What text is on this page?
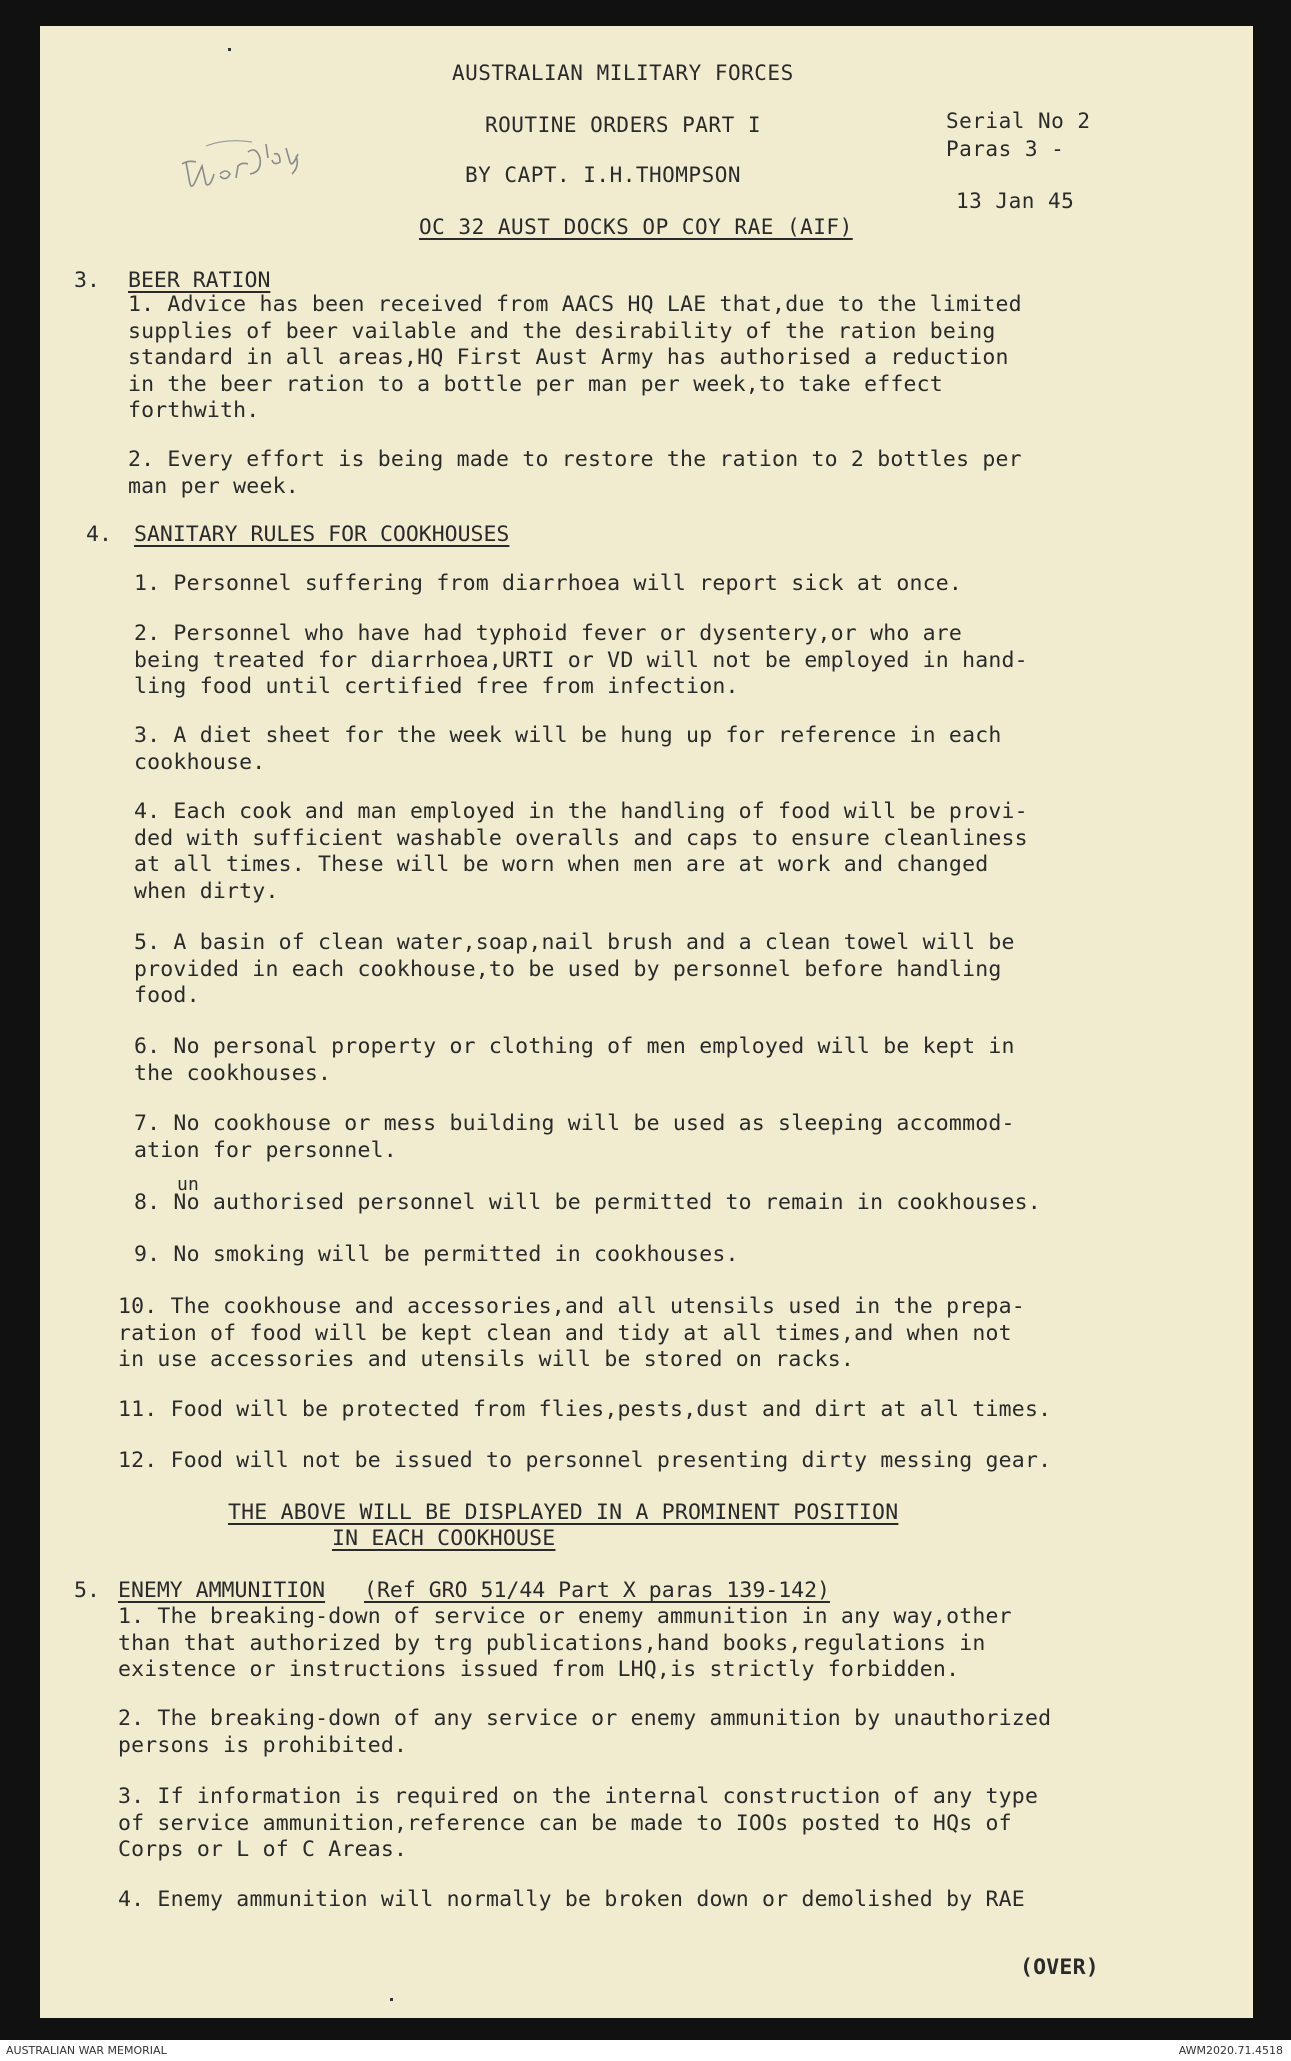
AUSTRALIAN MILITARY FORCES
ROUTINE ORDERS PART I
BY CAPT. I.H.THOMPSON
OC 32 AUST DOCKS OP COY RAE (AIF)
Serial No 2
Paras 3 -
13 Jan 45
War Diary
3. BEER RATION
1. Advice has been received from AACS HQ LAE that,due to the limited
supplies of beer vailable and the desirability of the ration being
standard in all areas,HQ First Aust Army has authorised a reduction
in the beer ration to a bottle per man per week,to take effect
forthwith.
2. Every effort is being made to restore the ration to 2 bottles per
man per week.
4. SANITARY RULES FOR COOKHOUSES
1. Personnel suffering from diarrhoea will report sick at once.
2. Personnel who have had typhoid fever or dysentery,or who are
being treated for diarrhoea,URTI or VD will not be employed in hand-
ling food until certified free from infection.
3. A diet sheet for the week will be hung up for reference in each
cookhouse.
4. Each cook and man employed in the handling of food will be provi-
ded with sufficient washable overalls and caps to ensure cleanliness
at all times. These will be worn when men are at work and changed
when dirty.
5. A basin of clean water,soap,nail brush and a clean towel will be
provided in each cookhouse,to be used by personnel before handling
food.
6. No personal property or clothing of men employed will be kept in
the cookhouses.
7. No cookhouse or mess building will be used as sleeping accommod-
ation for personnel.
un
8. No authorised personnel will be permitted to remain in cookhouses.
9. No smoking will be permitted in cookhouses.
10. The cookhouse and accessories,and all utensils used in the prepa-
ration of food will be kept clean and tidy at all times,and when not
in use accessories and utensils will be stored on racks.
11. Food will be protected from flies,pests,dust and dirt at all times.
12. Food will not be issued to personnel presenting dirty messing gear.
THE ABOVE WILL BE DISPLAYED IN A PROMINENT POSITION
IN EACH COOKHOUSE
5. ENEMY AMMUNITION (Ref GRO 51/44 Part X paras 139-142)
1. The breaking-down of service or enemy ammunition in any way,other
than that authorized by trg publications,hand books,regulations in
existence or instructions issued from LHQ,is strictly forbidden.
2. The breaking-down of any service or enemy ammunition by unauthorized
persons is prohibited.
3. If information is required on the internal construction of any type
of service ammunition,reference can be made to IOOs posted to HQs of
Corps or L of C Areas.
4. Enemy ammunition will normally be broken down or demolished by RAE
(OVER)
AUSTRALIAN WAR MEMORIAL	AWM2020.71.4518
